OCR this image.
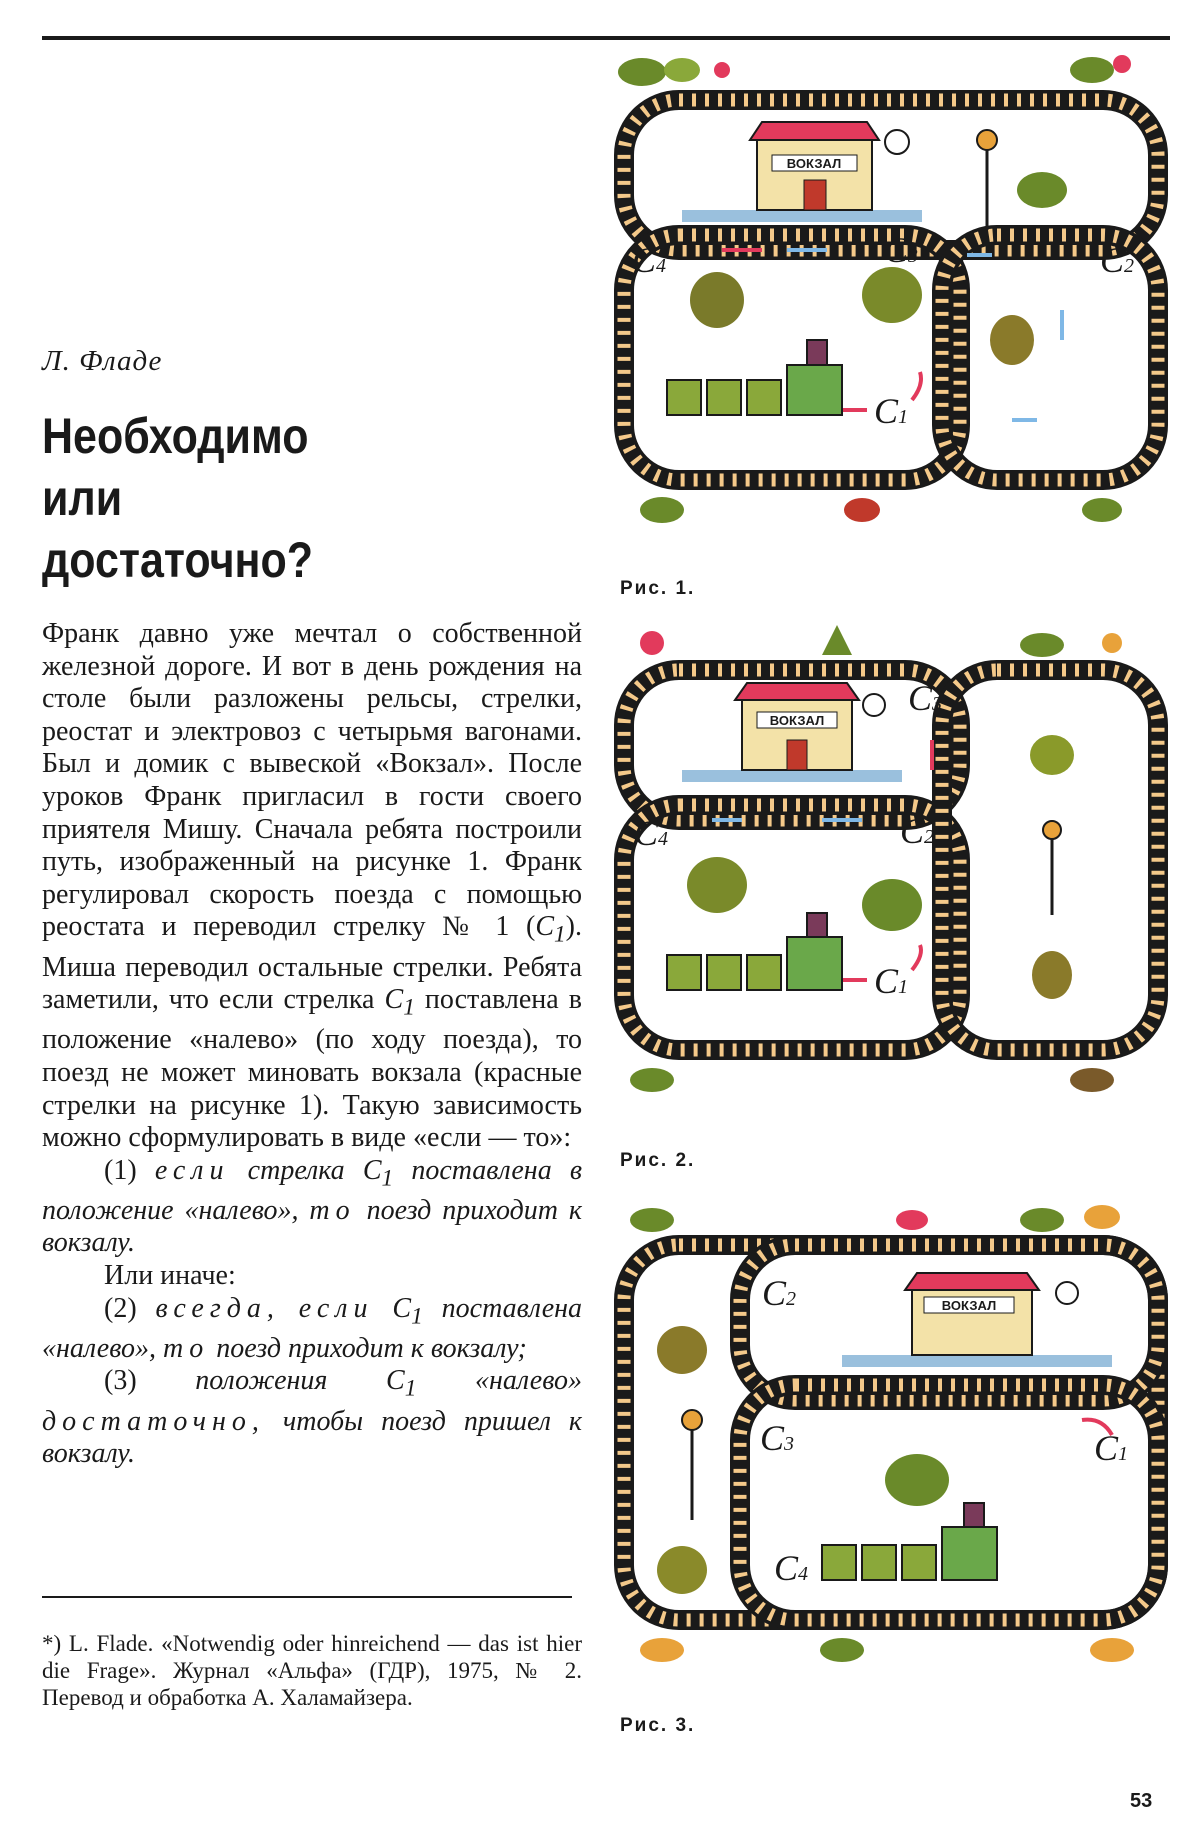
Л. Фладе
Необходимо
или
достаточно?

Франк давно уже мечтал о собственной железной дороге. И вот в день рождения на столе были разложены рельсы, стрелки, реостат и электровоз с четырьмя вагонами. Был и домик с вывеской «Вокзал». После уроков Франк пригласил в гости своего приятеля Мишу. Сначала ребята построили путь, изображенный на рисунке 1. Франк регулировал скорость поезда с помощью реостата и переводил стрелку № 1 $(C_1)$. Миша переводил остальные стрелки. Ребята заметили, что если стрелка $C_1$ поставлена в положение «налево» (по ходу поезда), то поезд не может миновать вокзала (красные стрелки на рисунке 1). Такую зависимость можно сформулировать в виде «если — то»:

(1) если стрелка $C_1$ поставлена в положение «налево», то поезд приходит к вокзалу.

Или иначе:

(2) всегда, если $C_1$ поставлена «налево», то поезд приходит к вокзалу;

(3) положения $C_1$ «налево» достаточно, чтобы поезд пришел к вокзалу.

*) L. Flade. «Notwendig oder hinreichend — das ist hier die Frage». Журнал «Альфа» (ГДР), 1975, № 2. Перевод и обработка А. Халамайзера.
ВОКЗАЛ
C4	C3	C2
C1
Рис. 1.
ВОКЗАЛ
C3
C4	C2
C1
Рис. 2.
ВОКЗАЛ
C2
C3	C1
C4
Рис. 3.
53
